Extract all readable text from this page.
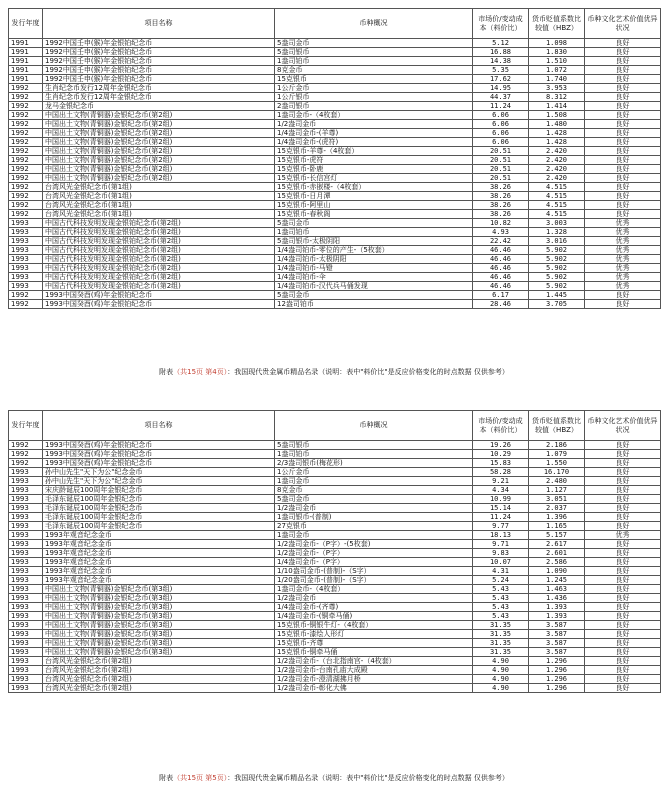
发行年度	项目名称	币种概况	市场价/变动成本（料价比）	货币贬值系数比较值（HBZ）	币种文化艺术价值优异状况
1991	1992中国壬申(猴)年金银铂纪念币	5盎司金币	5.12	1.098	良好
1991	1992中国壬申(猴)年金银铂纪念币	5盎司银币	16.88	1.830	良好
1991	1992中国壬申(猴)年金银铂纪念币	1盎司铂币	14.38	1.510	良好
1991	1992中国壬申(猴)年金银铂纪念币	8克金币	5.35	1.072	良好
1991	1992中国壬申(猴)年金银铂纪念币	15克银币	17.62	1.740	良好
1992	生肖纪念币发行12周年金银纪念币	1公斤金币	14.95	3.953	良好
1992	生肖纪念币发行12周年金银纪念币	1公斤银币	44.37	8.312	良好
1992	龙马金银纪念币	2盎司银币	11.24	1.414	良好
1992	中国出土文物(青铜器)金银纪念币(第2组)	1盎司金币-（4枚套）	6.06	1.508	良好
1992	中国出土文物(青铜器)金银纪念币(第2组)	1/2盎司金币	6.06	1.480	良好
1992	中国出土文物(青铜器)金银纪念币(第2组)	1/4盎司金币-(羊尊)	6.06	1.428	良好
1992	中国出土文物(青铜器)金银纪念币(第2组)	1/4盎司金币-(虎符)	6.06	1.428	良好
1992	中国出土文物(青铜器)金银纪念币(第2组)	15克银币-羊尊-（4枚套）	20.51	2.420	良好
1992	中国出土文物(青铜器)金银纪念币(第2组)	15克银币-虎符	20.51	2.420	良好
1992	中国出土文物(青铜器)金银纪念币(第2组)	15克银币-卧鹿	20.51	2.420	良好
1992	中国出土文物(青铜器)金银纪念币(第2组)	15克银币-长信宫灯	20.51	2.420	良好
1992	台湾风光金银纪念币(第1组)	15克银币-赤嵌楼-（4枚套）	38.26	4.515	良好
1992	台湾风光金银纪念币(第1组)	15克银币-日月潭	38.26	4.515	良好
1992	台湾风光金银纪念币(第1组)	15克银币-阿里山	38.26	4.515	良好
1992	台湾风光金银纪念币(第1组)	15克银币-春秋阁	38.26	4.515	良好
1993	中国古代科技发明发现金银铂纪念币(第2组)	5盎司金币	10.82	3.003	优秀
1993	中国古代科技发明发现金银铂纪念币(第2组)	1盎司铂币	4.93	1.328	优秀
1993	中国古代科技发明发现金银铂纪念币(第2组)	5盎司银币-太极阴阳	22.42	3.016	优秀
1993	中国古代科技发明发现金银铂纪念币(第2组)	1/4盎司铂币-零位的产生-（5枚套）	46.46	5.902	优秀
1993	中国古代科技发明发现金银铂纪念币(第2组)	1/4盎司铂币-太极阴阳	46.46	5.902	优秀
1993	中国古代科技发明发现金银铂纪念币(第2组)	1/4盎司铂币-马镫	46.46	5.902	优秀
1993	中国古代科技发明发现金银铂纪念币(第2组)	1/4盎司铂币-伞	46.46	5.902	优秀
1993	中国古代科技发明发现金银铂纪念币(第2组)	1/4盎司铂币-汉代兵马俑发现	46.46	5.902	优秀
1992	1993中国癸酉(鸡)年金银铂纪念币	5盎司金币	6.17	1.445	良好
1992	1993中国癸酉(鸡)年金银铂纪念币	12盎司铂币	28.46	3.705	良好
附表（共15页 第4页）：我国现代贵金属币精品名录（说明：表中"料价比"是反应价格变化的时点数据 仅供参考）
发行年度	项目名称	币种概况	市场价/变动成本（料价比）	货币贬值系数比较值（HBZ）	币种文化艺术价值优异状况
1992	1993中国癸酉(鸡)年金银铂纪念币	5盎司银币	19.26	2.186	良好
1992	1993中国癸酉(鸡)年金银铂纪念币	1盎司铂币	10.29	1.079	良好
1992	1993中国癸酉(鸡)年金银铂纪念币	2/3盎司银币(梅花形)	15.83	1.550	良好
1993	孙中山先生"天下为公"纪念金币	1公斤金币	58.28	16.170	良好
1993	孙中山先生"天下为公"纪念金币	1盎司金币	9.21	2.480	良好
1993	宋庆龄诞辰100周年金银纪念币	8克金币	4.34	1.127	良好
1993	毛泽东诞辰100周年金银纪念币	5盎司金币	10.99	3.051	良好
1993	毛泽东诞辰100周年金银纪念币	1/2盎司金币	15.14	2.037	良好
1993	毛泽东诞辰100周年金银纪念币	1盎司银币-(普制)	11.24	1.396	良好
1993	毛泽东诞辰100周年金银纪念币	27克银币	9.77	1.165	良好
1993	1993年观音纪念金币	1盎司金币	18.13	5.157	优秀
1993	1993年观音纪念金币	1/2盎司金币-（P字）-(5枚套)	9.71	2.617	良好
1993	1993年观音纪念金币	1/2盎司金币-（P字）	9.83	2.601	良好
1993	1993年观音纪念金币	1/4盎司金币-（P字）	10.07	2.586	良好
1993	1993年观音纪念金币	1/10盎司金币-(普制)-（S字）	4.31	1.090	良好
1993	1993年观音纪念金币	1/20盎司金币-(普制)-（S字）	5.24	1.245	良好
1993	中国出土文物(青铜器)金银纪念币(第3组)	1盎司金币-（4枚套）	5.43	1.463	良好
1993	中国出土文物(青铜器)金银纪念币(第3组)	1/2盎司金币	5.43	1.436	良好
1993	中国出土文物(青铜器)金银纪念币(第3组)	1/4盎司金币-(齐尊)	5.43	1.393	良好
1993	中国出土文物(青铜器)金银纪念币(第3组)	1/4盎司金币-(铜牵马俑)	5.43	1.393	良好
1993	中国出土文物(青铜器)金银纪念币(第3组)	15克银币-铜银牛灯-（4枚套）	31.35	3.587	良好
1993	中国出土文物(青铜器)金银纪念币(第3组)	15克银币-漆绘人形灯	31.35	3.587	良好
1993	中国出土文物(青铜器)金银纪念币(第3组)	15克银币-齐尊	31.35	3.587	良好
1993	中国出土文物(青铜器)金银纪念币(第3组)	15克银币-铜牵马俑	31.35	3.587	良好
1993	台湾风光金银纪念币(第2组)	1/2盎司金币-（台北指南宫-（4枚套）	4.90	1.296	良好
1993	台湾风光金银纪念币(第2组)	1/2盎司金币-台南孔庙大成殿	4.90	1.296	良好
1993	台湾风光金银纪念币(第2组)	1/2盎司金币-澄清湖拂月桥	4.90	1.296	良好
1993	台湾风光金银纪念币(第2组)	1/2盎司金币-彰化大佛	4.90	1.296	良好
附表（共15页 第5页）：我国现代贵金属币精品名录（说明：表中"料价比"是反应价格变化的时点数据 仅供参考）
